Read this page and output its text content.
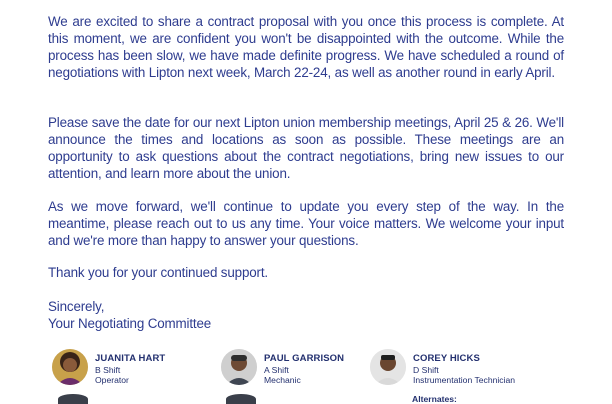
We are excited to share a contract proposal with you once this process is complete. At this moment, we are confident you won't be disappointed with the outcome. While the process has been slow, we have made definite progress. We have scheduled a round of negotiations with Lipton next week, March 22-24, as well as another round in early April.

Please save the date for our next Lipton union membership meetings, April 25 & 26. We'll announce the times and locations as soon as possible. These meetings are an opportunity to ask questions about the contract negotiations, bring new issues to our attention, and learn more about the union.

As we move forward, we'll continue to update you every step of the way. In the meantime, please reach out to us any time. Your voice matters. We welcome your input and we're more than happy to answer your questions.

Thank you for your continued support.

Sincerely,

Your Negotiating Committee

JUANITA HART
B Shift
Operator
PAUL GARRISON
A Shift
Mechanic
COREY HICKS
D Shift
Instrumentation Technician
Alternates:
